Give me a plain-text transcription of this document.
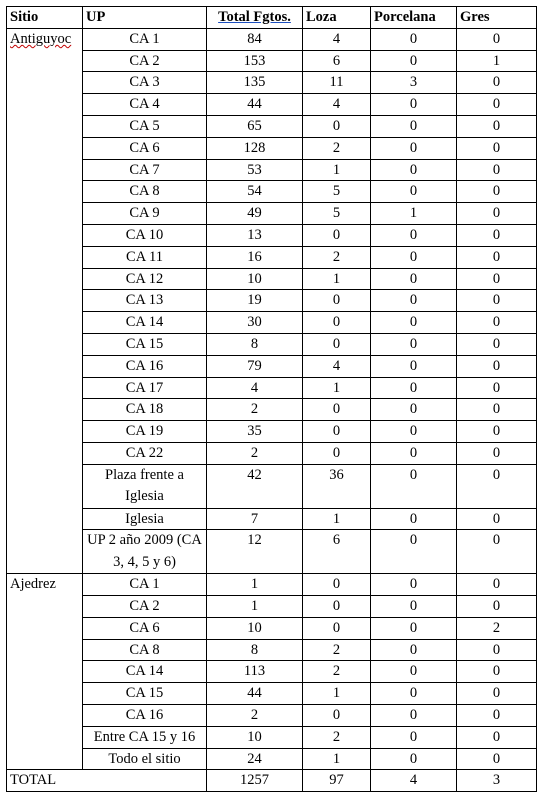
Sitio	UP	Total Fgtos.	Loza	Porcelana	Gres
Antiguyoc	CA 1	84	4	0	0
	CA 2	153	6	0	1
	CA 3	135	11	3	0
	CA 4	44	4	0	0
	CA 5	65	0	0	0
	CA 6	128	2	0	0
	CA 7	53	1	0	0
	CA 8	54	5	0	0
	CA 9	49	5	1	0
	CA 10	13	0	0	0
	CA 11	16	2	0	0
	CA 12	10	1	0	0
	CA 13	19	0	0	0
	CA 14	30	0	0	0
	CA 15	8	0	0	0
	CA 16	79	4	0	0
	CA 17	4	1	0	0
	CA 18	2	0	0	0
	CA 19	35	0	0	0
	CA 22	2	0	0	0
	Plaza frente a Iglesia	42	36	0	0
	Iglesia	7	1	0	0
	UP 2 año 2009 (CA 3, 4, 5 y 6)	12	6	0	0
Ajedrez	CA 1	1	0	0	0
	CA 2	1	0	0	0
	CA 6	10	0	0	2
	CA 8	8	2	0	0
	CA 14	113	2	0	0
	CA 15	44	1	0	0
	CA 16	2	0	0	0
	Entre CA 15 y 16	10	2	0	0
	Todo el sitio	24	1	0	0
TOTAL		1257	97	4	3
